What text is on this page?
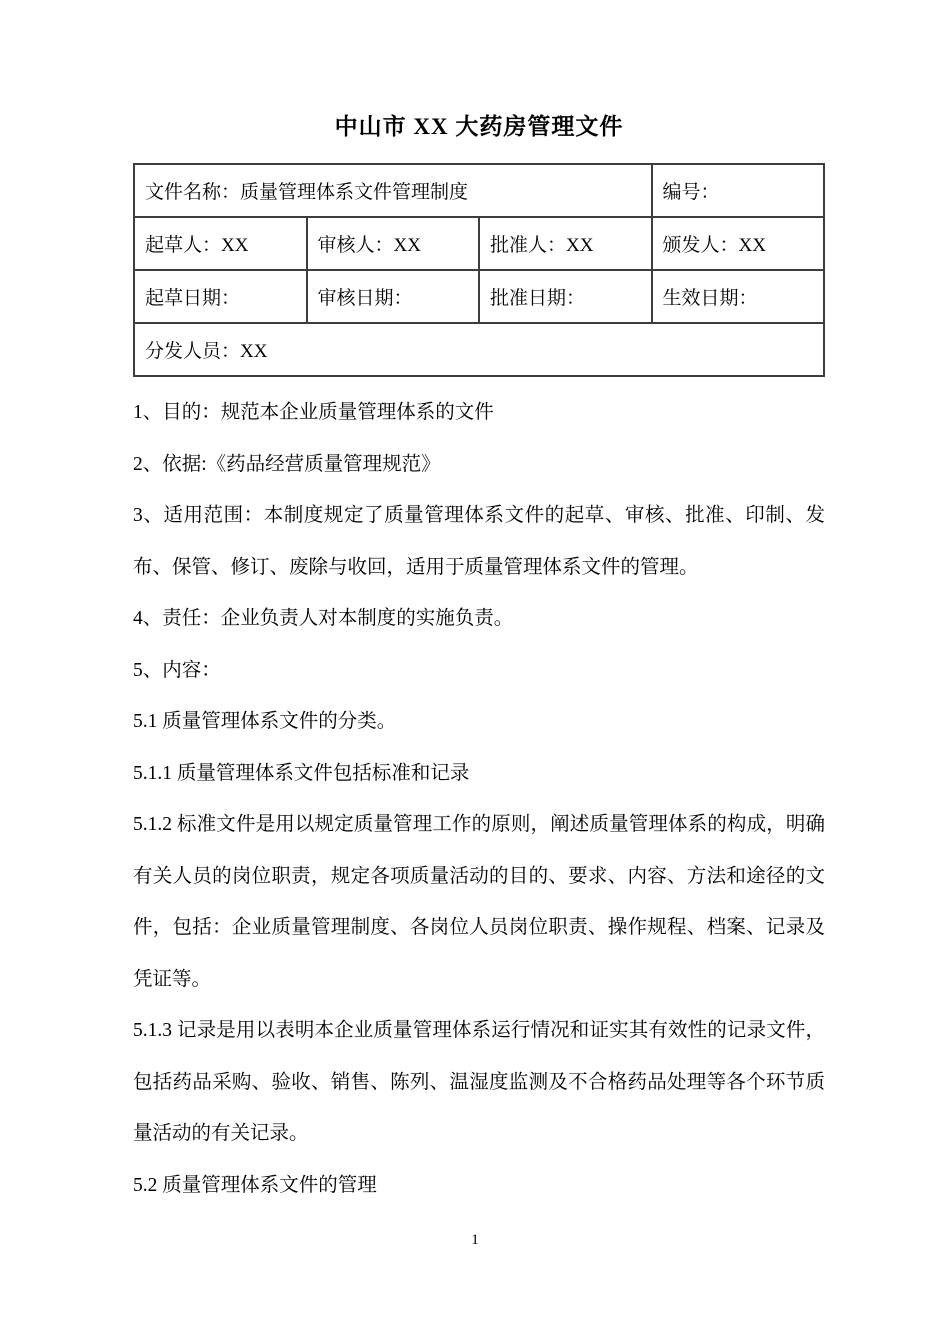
中山市 XX 大药房管理文件
文件名称：质量管理体系文件管理制度			编号：
起草人：XX	审核人：XX	批准人：XX	颁发人：XX
起草日期：	审核日期：	批准日期：	生效日期：
分发人员：XX			

1、目的：规范本企业质量管理体系的文件

2、依据:《药品经营质量管理规范》

3、适用范围：本制度规定了质量管理体系文件的起草、审核、批准、印制、发布、保管、修订、废除与收回，适用于质量管理体系文件的管理。

4、责任：企业负责人对本制度的实施负责。

5、内容：

5.1 质量管理体系文件的分类。

5.1.1 质量管理体系文件包括标准和记录

5.1.2 标准文件是用以规定质量管理工作的原则，阐述质量管理体系的构成，明确有关人员的岗位职责，规定各项质量活动的目的、要求、内容、方法和途径的文件，包括：企业质量管理制度、各岗位人员岗位职责、操作规程、档案、记录及凭证等。

5.1.3 记录是用以表明本企业质量管理体系运行情况和证实其有效性的记录文件，包括药品采购、验收、销售、陈列、温湿度监测及不合格药品处理等各个环节质量活动的有关记录。

5.2 质量管理体系文件的管理

1
